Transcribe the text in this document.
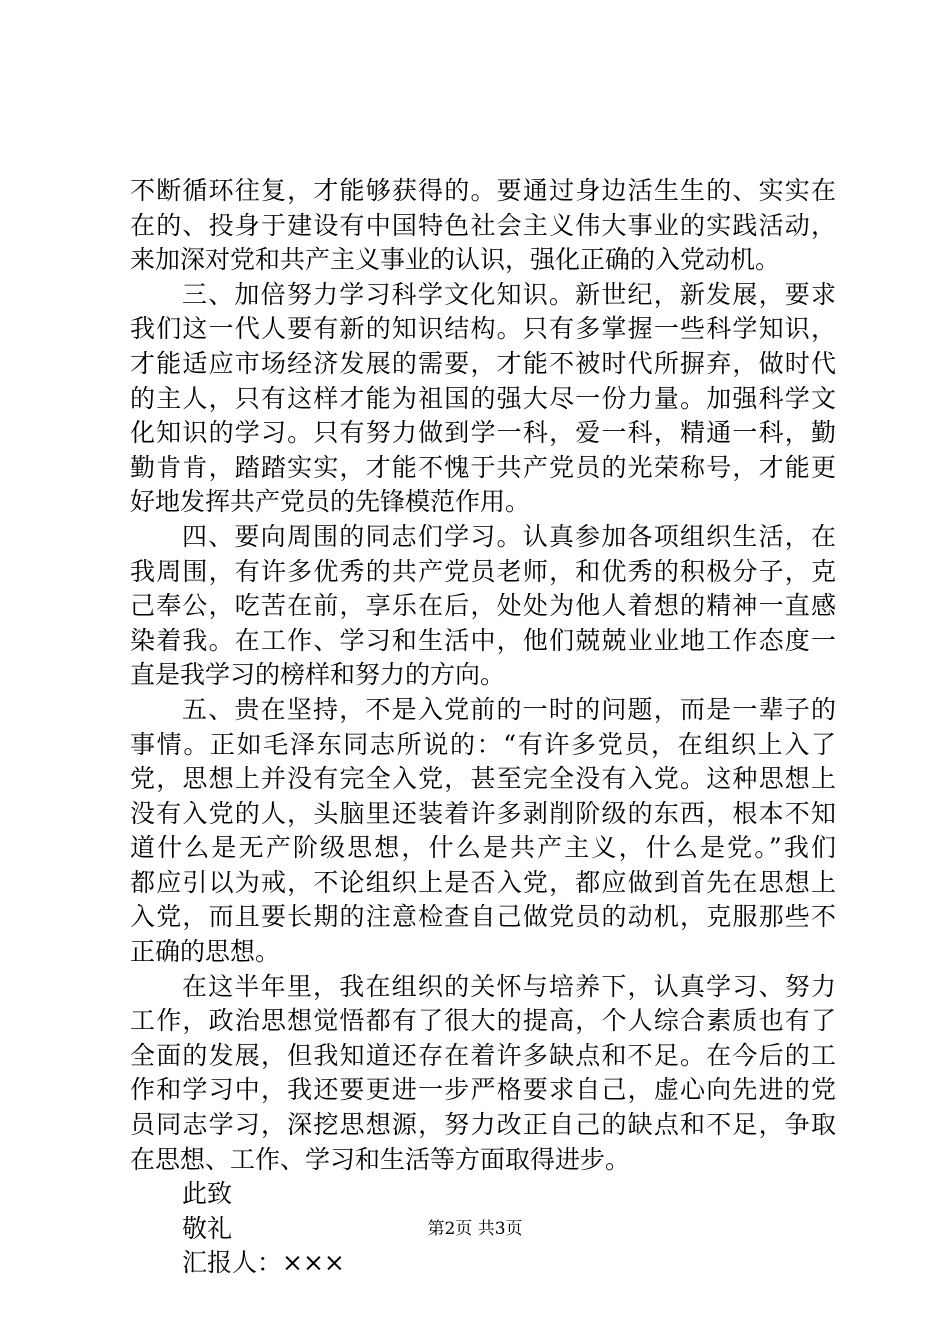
不断循环往复，才能够获得的。要通过身边活生生的、实实在
在的、投身于建设有中国特色社会主义伟大事业的实践活动，
来加深对党和共产主义事业的认识，强化正确的入党动机。
三、加倍努力学习科学文化知识。新世纪，新发展，要求
我们这一代人要有新的知识结构。只有多掌握一些科学知识，
才能适应市场经济发展的需要，才能不被时代所摒弃，做时代
的主人，只有这样才能为祖国的强大尽一份力量。加强科学文
化知识的学习。只有努力做到学一科，爱一科，精通一科，勤
勤肯肯，踏踏实实，才能不愧于共产党员的光荣称号，才能更
好地发挥共产党员的先锋模范作用。
四、要向周围的同志们学习。认真参加各项组织生活，在
我周围，有许多优秀的共产党员老师，和优秀的积极分子，克
己奉公，吃苦在前，享乐在后，处处为他人着想的精神一直感
染着我。在工作、学习和生活中，他们兢兢业业地工作态度一
直是我学习的榜样和努力的方向。
五、贵在坚持，不是入党前的一时的问题，而是一辈子的
事情。正如毛泽东同志所说的：“有许多党员，在组织上入了
党，思想上并没有完全入党，甚至完全没有入党。这种思想上
没有入党的人，头脑里还装着许多剥削阶级的东西，根本不知
道什么是无产阶级思想，什么是共产主义，什么是党。”我们
都应引以为戒，不论组织上是否入党，都应做到首先在思想上
入党，而且要长期的注意检查自己做党员的动机，克服那些不
正确的思想。
在这半年里，我在组织的关怀与培养下，认真学习、努力
工作，政治思想觉悟都有了很大的提高，个人综合素质也有了
全面的发展，但我知道还存在着许多缺点和不足。在今后的工
作和学习中，我还要更进一步严格要求自己，虚心向先进的党
员同志学习，深挖思想源，努力改正自己的缺点和不足，争取
在思想、工作、学习和生活等方面取得进步。
此致
敬礼
汇报人：×××
第2页 共3页
